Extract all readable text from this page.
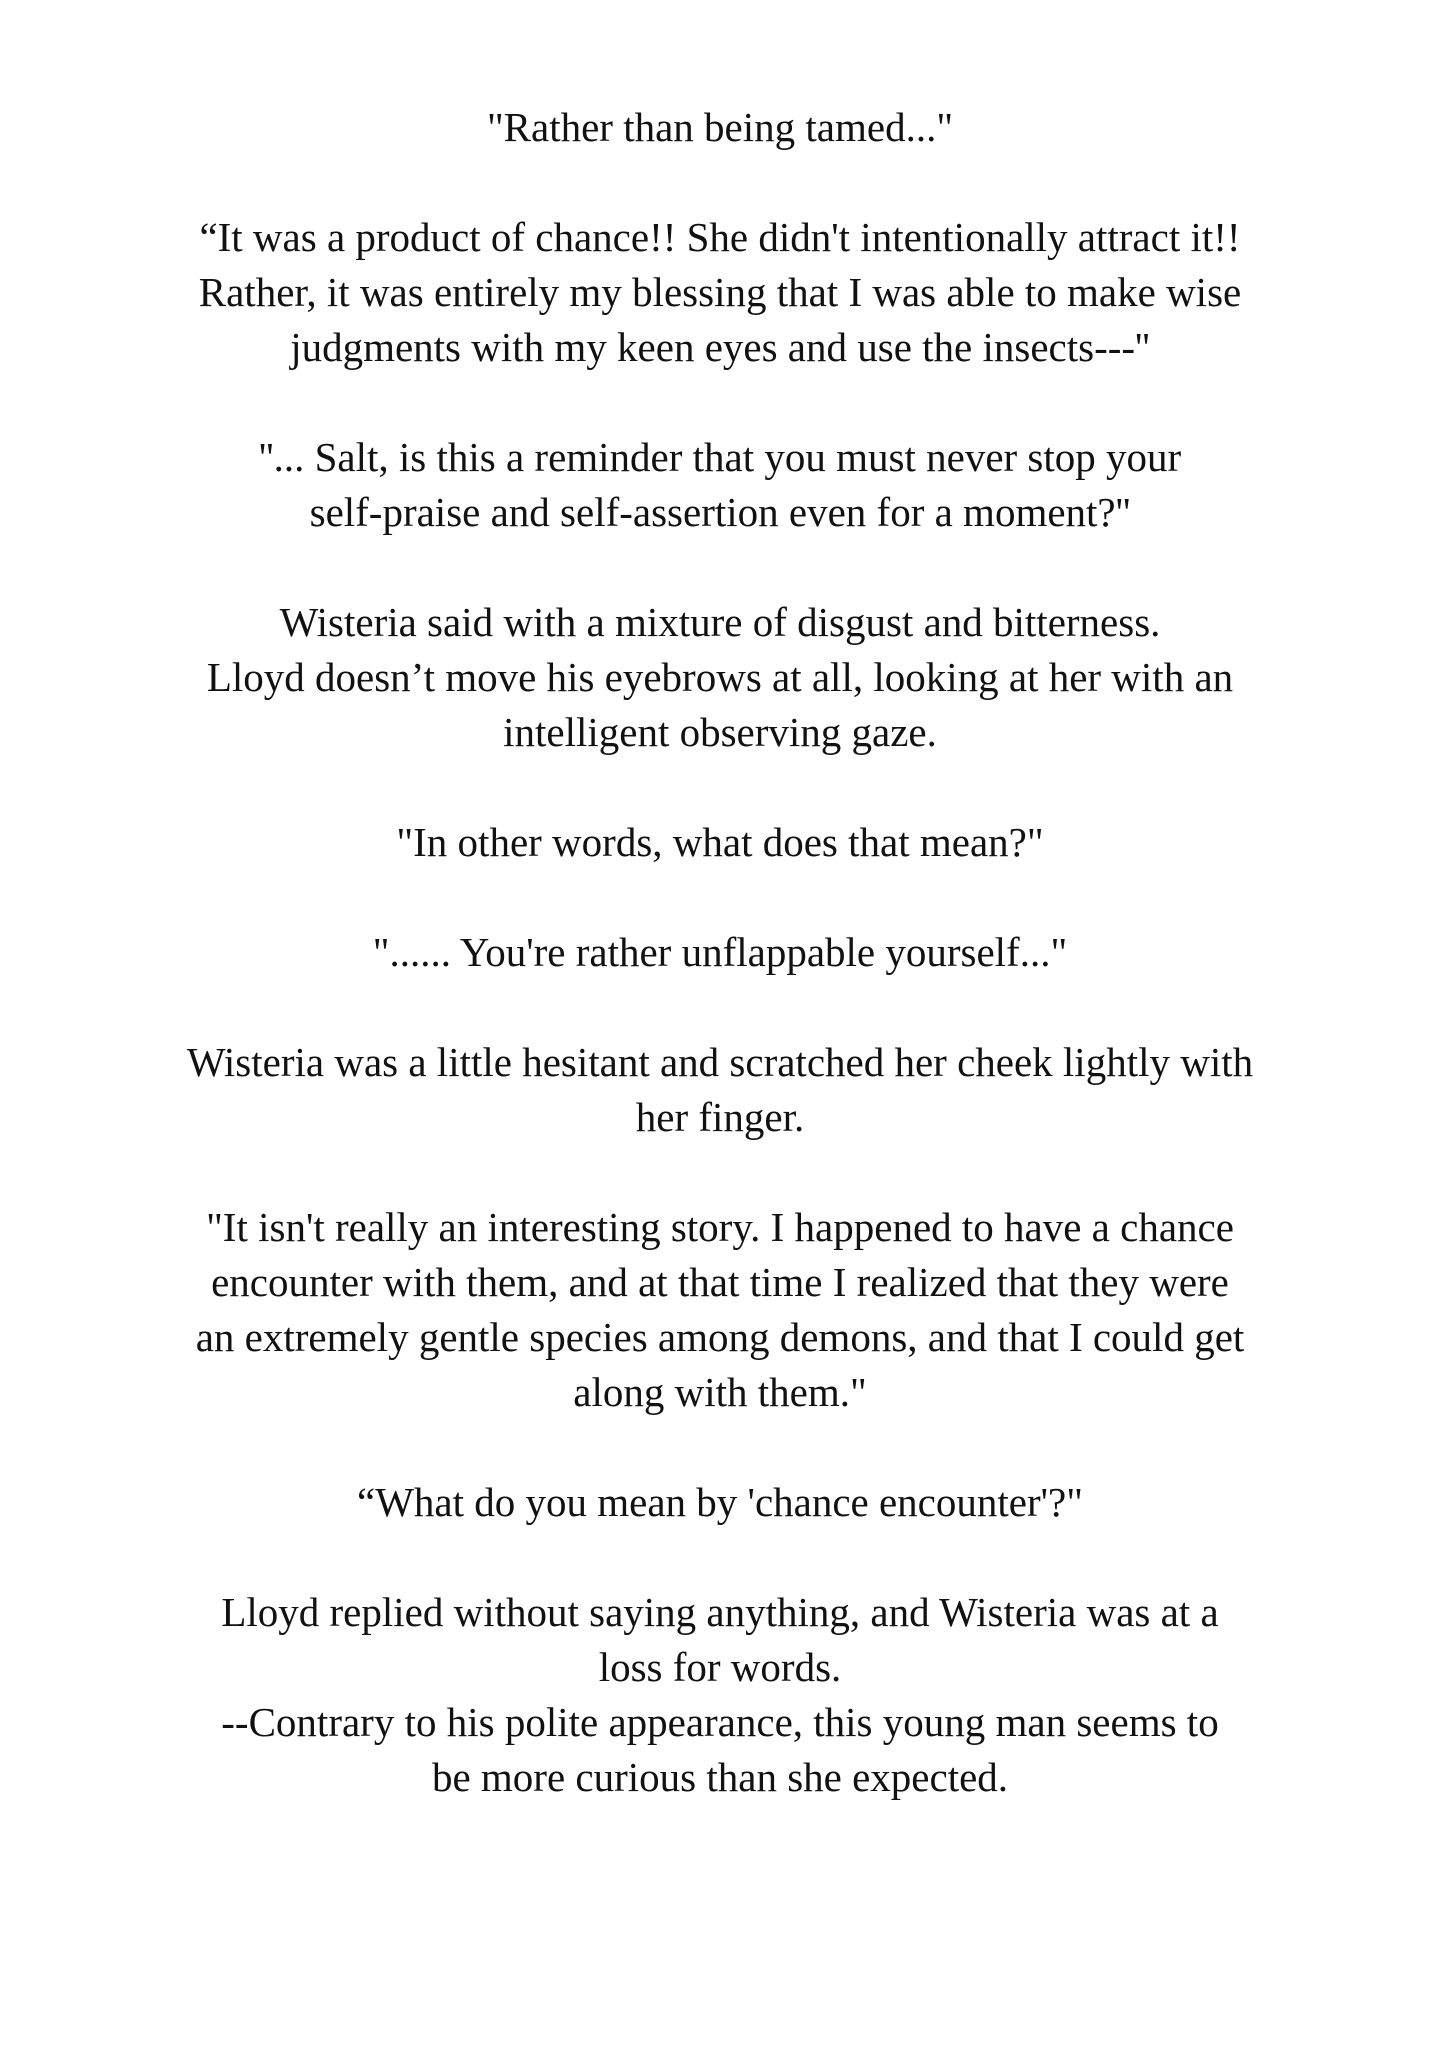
"Rather than being tamed..."

“It was a product of chance!! She didn't intentionally attract it!!
Rather, it was entirely my blessing that I was able to make wise
judgments with my keen eyes and use the insects---''

''... Salt, is this a reminder that you must never stop your
self-praise and self-assertion even for a moment?''

Wisteria said with a mixture of disgust and bitterness.
Lloyd doesn’t move his eyebrows at all, looking at her with an
intelligent observing gaze.

"In other words, what does that mean?"

"...... You're rather unflappable yourself..."

Wisteria was a little hesitant and scratched her cheek lightly with
her finger.

"It isn't really an interesting story. I happened to have a chance
encounter with them, and at that time I realized that they were
an extremely gentle species among demons, and that I could get
along with them."

“What do you mean by 'chance encounter'?"

Lloyd replied without saying anything, and Wisteria was at a
loss for words.
--Contrary to his polite appearance, this young man seems to
be more curious than she expected.
